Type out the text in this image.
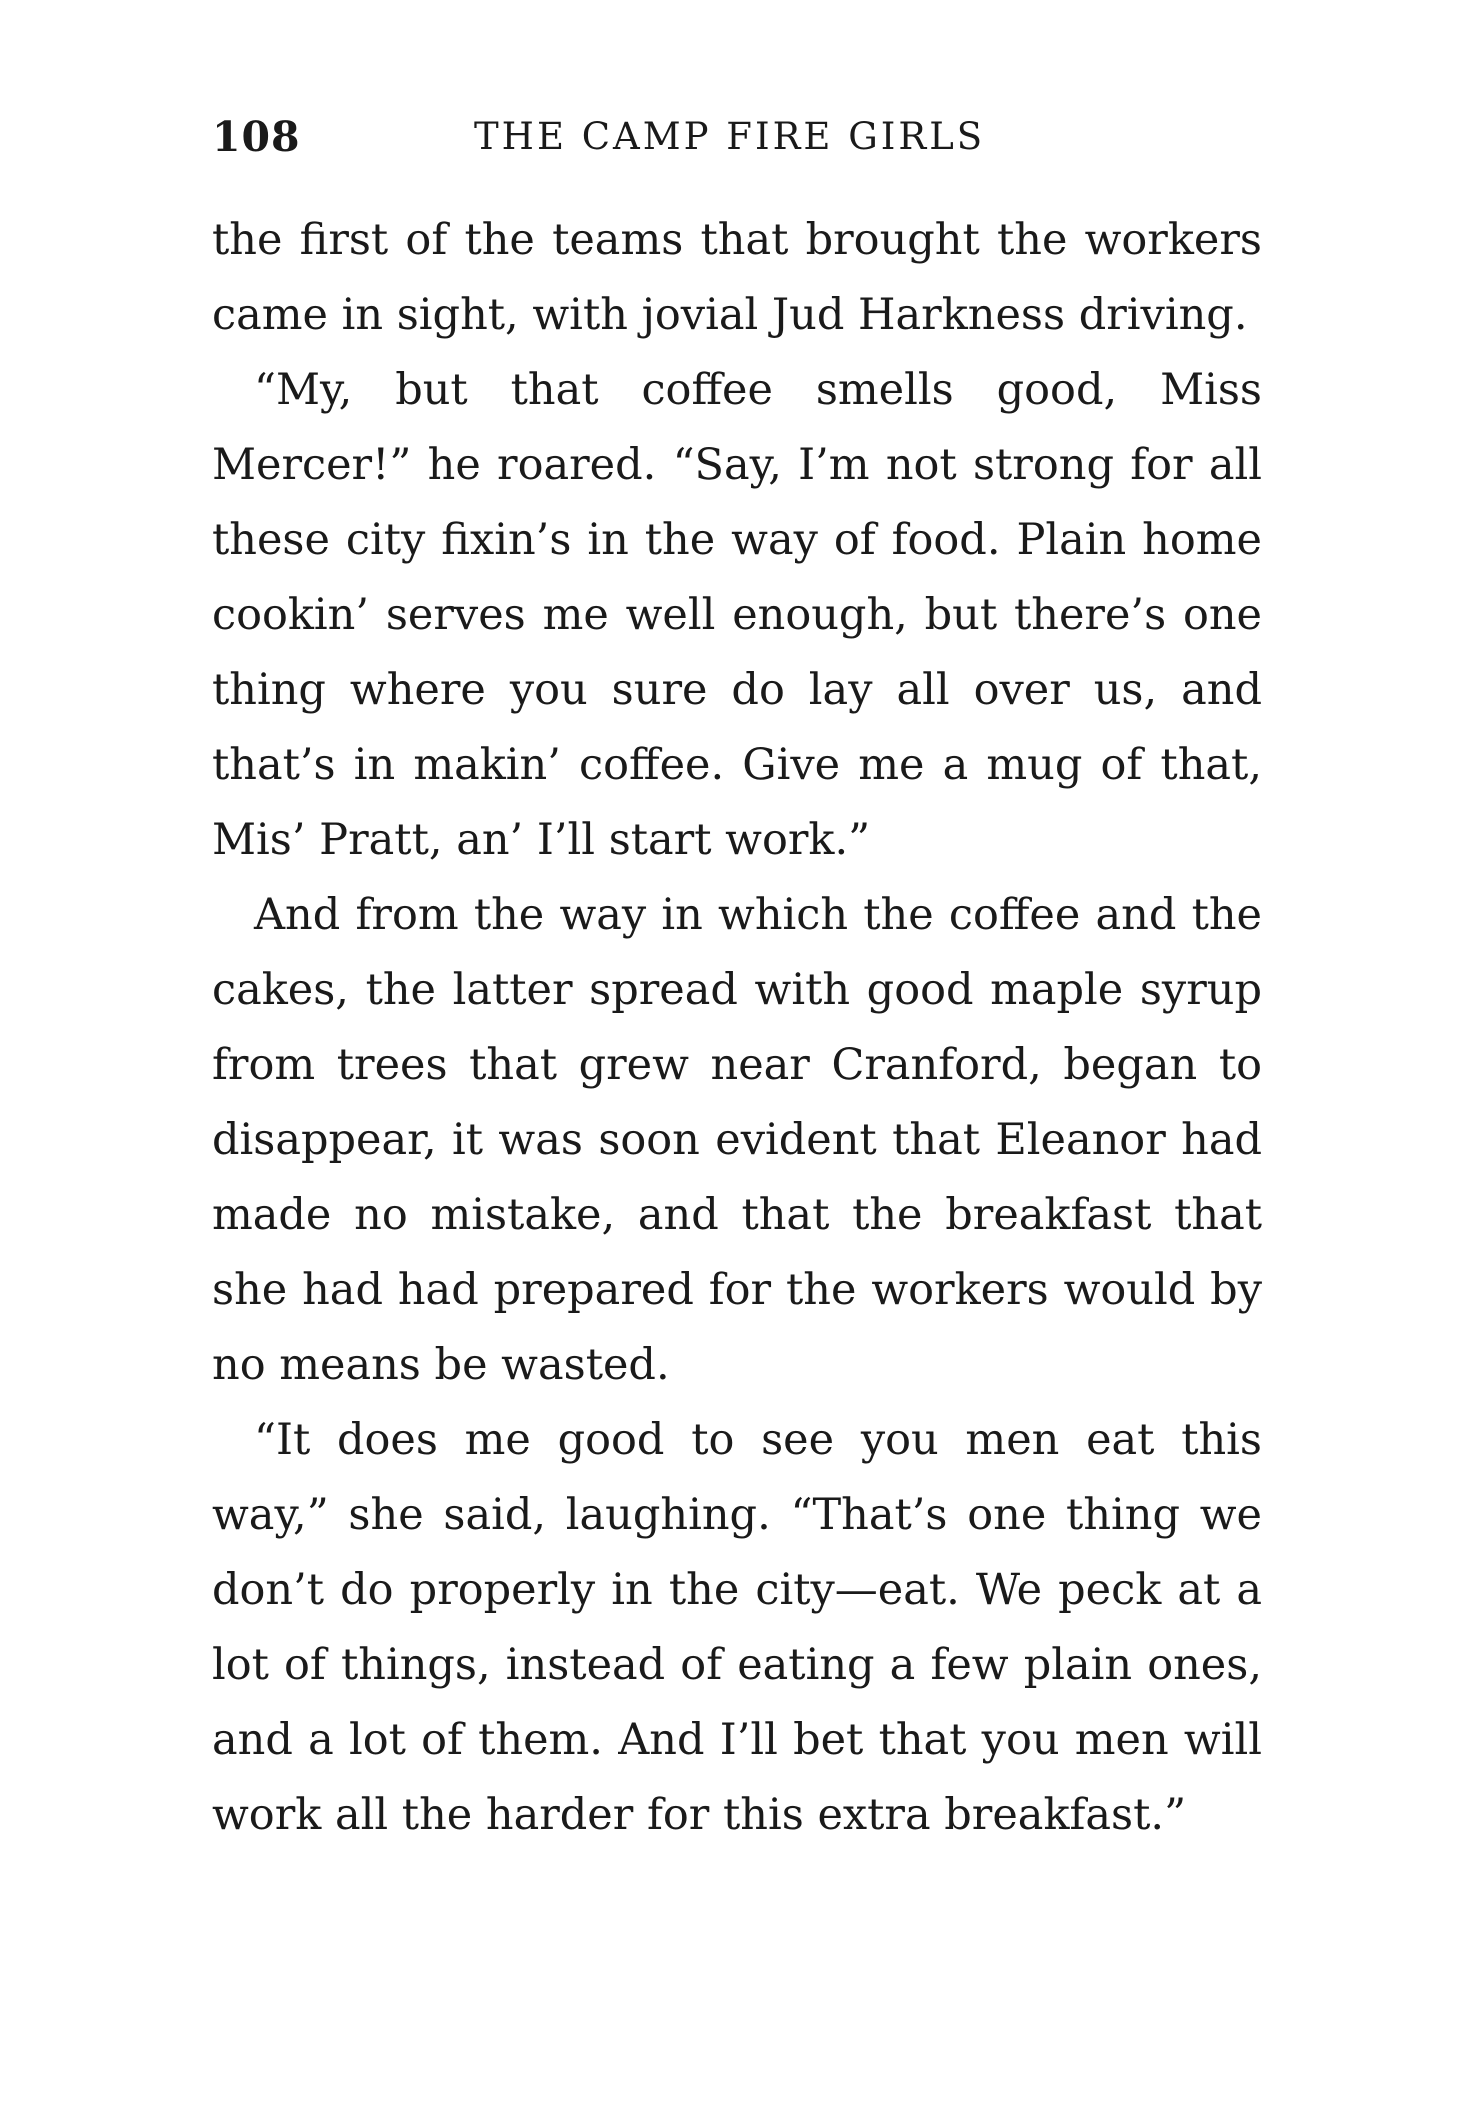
108	THE CAMP FIRE GIRLS

the first of the teams that brought the workers came in sight, with jovial Jud Harkness driving.

“My, but that coffee smells good, Miss Mercer!” he roared. “Say, I’m not strong for all these city fixin’s in the way of food. Plain home cookin’ serves me well enough, but there’s one thing where you sure do lay all over us, and that’s in makin’ coffee. Give me a mug of that, Mis’ Pratt, an’ I’ll start work.”

And from the way in which the coffee and the cakes, the latter spread with good maple syrup from trees that grew near Cranford, began to disappear, it was soon evident that Eleanor had made no mistake, and that the breakfast that she had had prepared for the workers would by no means be wasted.

“It does me good to see you men eat this way,” she said, laughing. “That’s one thing we don’t do properly in the city—eat. We peck at a lot of things, instead of eating a few plain ones, and a lot of them. And I’ll bet that you men will work all the harder for this extra breakfast.”
